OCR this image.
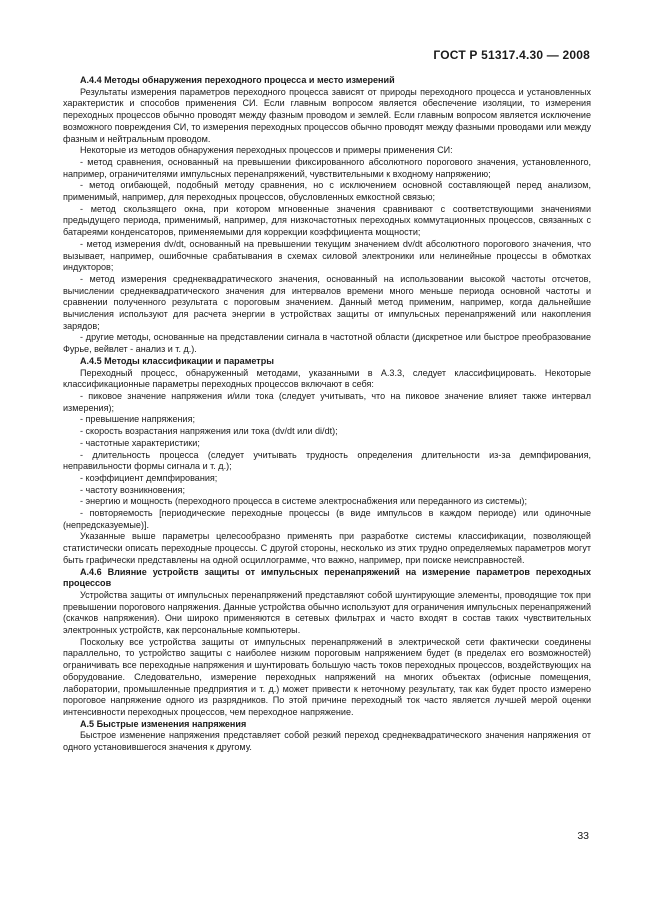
ГОСТ Р 51317.4.30 — 2008

А.4.4 Методы обнаружения переходного процесса и место измерений

Результаты измерения параметров переходного процесса зависят от природы переходного процесса и установленных характеристик и способов применения СИ. Если главным вопросом является обеспечение изоляции, то измерения переходных процессов обычно проводят между фазным проводом и землей. Если главным вопросом является исключение возможного повреждения СИ, то измерения переходных процессов обычно проводят между фазными проводами или между фазным и нейтральным проводом.

Некоторые из методов обнаружения переходных процессов и примеры применения СИ:

- метод сравнения, основанный на превышении фиксированного абсолютного порогового значения, установленного, например, ограничителями импульсных перенапряжений, чувствительными к входному напряжению;

- метод огибающей, подобный методу сравнения, но с исключением основной составляющей перед анализом, применимый, например, для переходных процессов, обусловленных емкостной связью;

- метод скользящего окна, при котором мгновенные значения сравнивают с соответствующими значениями предыдущего периода, применимый, например, для низкочастотных переходных коммутационных процессов, связанных с батареями конденсаторов, применяемыми для коррекции коэффициента мощности;

- метод измерения dv/dt, основанный на превышении текущим значением dv/dt абсолютного порогового значения, что вызывает, например, ошибочные срабатывания в схемах силовой электроники или нелинейные процессы в обмотках индукторов;

- метод измерения среднеквадратического значения, основанный на использовании высокой частоты отсчетов, вычислении среднеквадратического значения для интервалов времени много меньше периода основной частоты и сравнении полученного результата с пороговым значением. Данный метод применим, например, когда дальнейшие вычисления используют для расчета энергии в устройствах защиты от импульсных перенапряжений или накопления зарядов;

- другие методы, основанные на представлении сигнала в частотной области (дискретное или быстрое преобразование Фурье, вейвлет - анализ и т. д.).

А.4.5 Методы классификации и параметры

Переходный процесс, обнаруженный методами, указанными в А.3.3, следует классифицировать. Некоторые классификационные параметры переходных процессов включают в себя:

- пиковое значение напряжения и/или тока (следует учитывать, что на пиковое значение влияет также интервал измерения);

- превышение напряжения;

- скорость возрастания напряжения или тока (dv/dt или di/dt);

- частотные характеристики;

- длительность процесса (следует учитывать трудность определения длительности из-за демпфирования, неправильности формы сигнала и т. д.);

- коэффициент демпфирования;

- частоту возникновения;

- энергию и мощность (переходного процесса в системе электроснабжения или переданного из системы);

- повторяемость [периодические переходные процессы (в виде импульсов в каждом периоде) или одиночные (непредсказуемые)].

Указанные выше параметры целесообразно применять при разработке системы классификации, позволяющей статистически описать переходные процессы. С другой стороны, несколько из этих трудно определяемых параметров могут быть графически представлены на одной осциллограмме, что важно, например, при поиске неисправностей.

А.4.6 Влияние устройств защиты от импульсных перенапряжений на измерение параметров переходных процессов

Устройства защиты от импульсных перенапряжений представляют собой шунтирующие элементы, проводящие ток при превышении порогового напряжения. Данные устройства обычно используют для ограничения импульсных перенапряжений (скачков напряжения). Они широко применяются в сетевых фильтрах и часто входят в состав таких чувствительных электронных устройств, как персональные компьютеры.

Поскольку все устройства защиты от импульсных перенапряжений в электрической сети фактически соединены параллельно, то устройство защиты с наиболее низким пороговым напряжением будет (в пределах его возможностей) ограничивать все переходные напряжения и шунтировать большую часть токов переходных процессов, воздействующих на оборудование. Следовательно, измерение переходных напряжений на многих объектах (офисные помещения, лаборатории, промышленные предприятия и т. д.) может привести к неточному результату, так как будет просто измерено пороговое напряжение одного из разрядников. По этой причине переходный ток часто является лучшей мерой оценки интенсивности переходных процессов, чем переходное напряжение.

А.5 Быстрые изменения напряжения

Быстрое изменение напряжения представляет собой резкий переход среднеквадратического значения напряжения от одного установившегося значения к другому.

33
